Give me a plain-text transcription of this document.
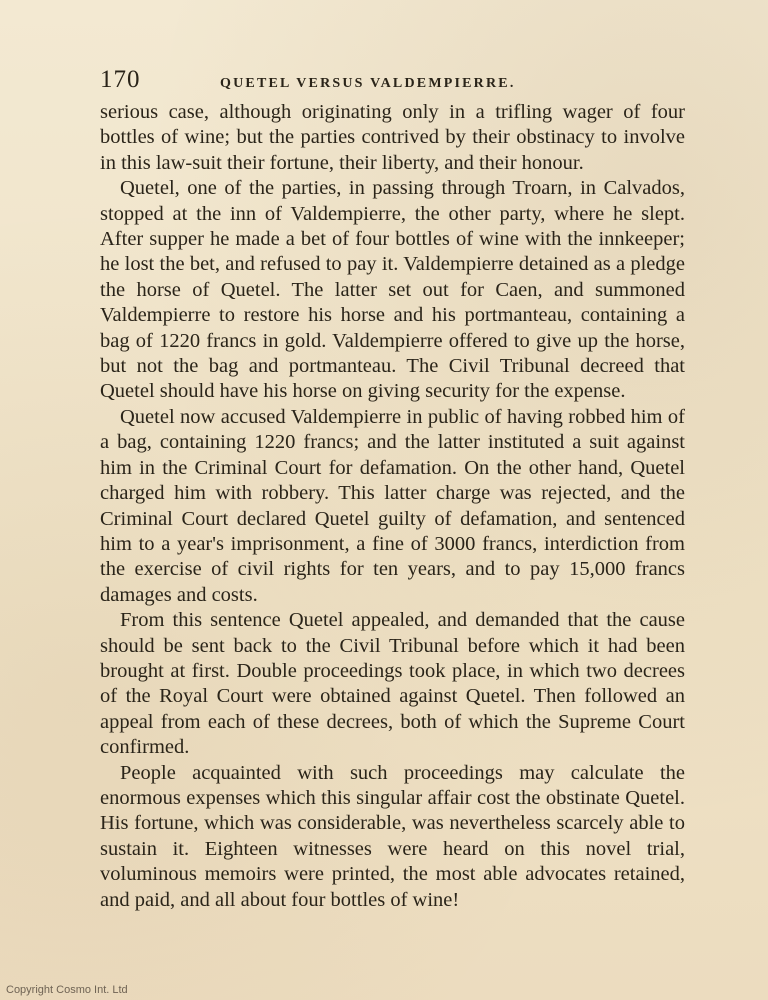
170	QUETEL VERSUS VALDEMPIERRE.

serious case, although originating only in a trifling wager of four bottles of wine; but the parties contrived by their obstinacy to involve in this law-suit their fortune, their liberty, and their honour.

Quetel, one of the parties, in passing through Troarn, in Calvados, stopped at the inn of Valdempierre, the other party, where he slept. After supper he made a bet of four bottles of wine with the innkeeper; he lost the bet, and refused to pay it. Valdempierre detained as a pledge the horse of Quetel. The latter set out for Caen, and summoned Valdempierre to restore his horse and his portmanteau, containing a bag of 1220 francs in gold. Valdempierre offered to give up the horse, but not the bag and portmanteau. The Civil Tribunal decreed that Quetel should have his horse on giving security for the expense.

Quetel now accused Valdempierre in public of having robbed him of a bag, containing 1220 francs; and the latter instituted a suit against him in the Criminal Court for defamation. On the other hand, Quetel charged him with robbery. This latter charge was rejected, and the Criminal Court declared Quetel guilty of defamation, and sentenced him to a year's imprisonment, a fine of 3000 francs, interdiction from the exercise of civil rights for ten years, and to pay 15,000 francs damages and costs.

From this sentence Quetel appealed, and demanded that the cause should be sent back to the Civil Tribunal before which it had been brought at first. Double proceedings took place, in which two decrees of the Royal Court were obtained against Quetel. Then followed an appeal from each of these decrees, both of which the Supreme Court confirmed.

People acquainted with such proceedings may calculate the enormous expenses which this singular affair cost the obstinate Quetel. His fortune, which was considerable, was nevertheless scarcely able to sustain it. Eighteen witnesses were heard on this novel trial, voluminous memoirs were printed, the most able advocates retained, and paid, and all about four bottles of wine!

Copyright Cosmo Int. Ltd
